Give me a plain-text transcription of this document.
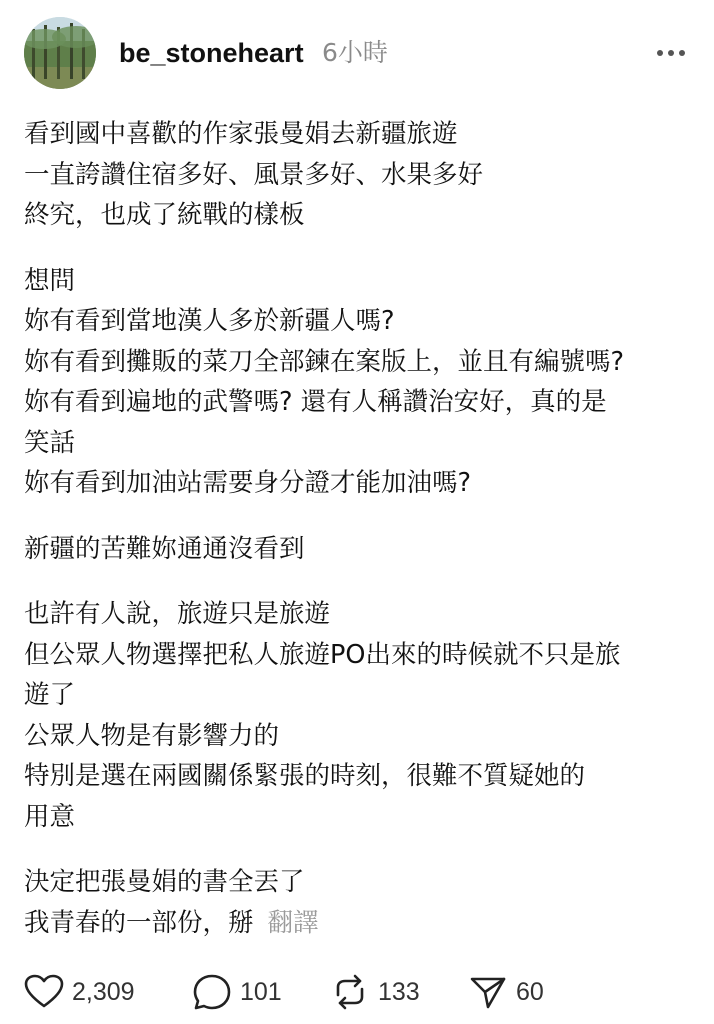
be_stoneheart 6小時
看到國中喜歡的作家張曼娟去新疆旅遊
一直誇讚住宿多好、風景多好、水果多好
終究，也成了統戰的樣板
想問
妳有看到當地漢人多於新疆人嗎?
妳有看到攤販的菜刀全部鍊在案版上，並且有編號嗎?
妳有看到遍地的武警嗎? 還有人稱讚治安好，真的是
笑話
妳有看到加油站需要身分證才能加油嗎?
新疆的苦難妳通通沒看到
也許有人說，旅遊只是旅遊
但公眾人物選擇把私人旅遊PO出來的時候就不只是旅
遊了
公眾人物是有影響力的
特別是選在兩國關係緊張的時刻，很難不質疑她的
用意
決定把張曼娟的書全丟了
我青春的一部份，掰 翻譯
2,309	101	133	60
